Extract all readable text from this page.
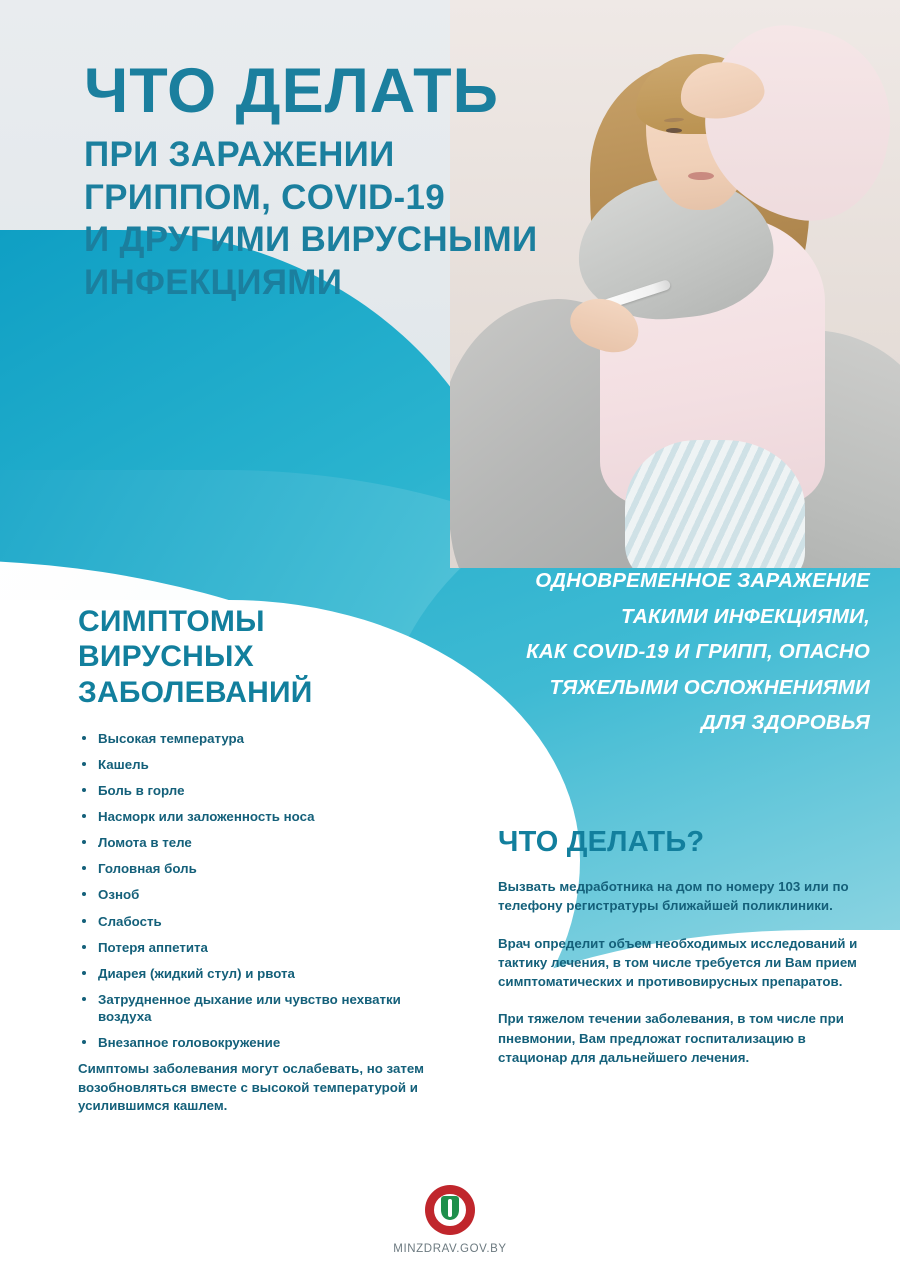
ЧТО ДЕЛАТЬ
ПРИ ЗАРАЖЕНИИ
ГРИППОМ, COVID-19
И ДРУГИМИ ВИРУСНЫМИ
ИНФЕКЦИЯМИ
ОДНОВРЕМЕННОЕ ЗАРАЖЕНИЕ
ТАКИМИ ИНФЕКЦИЯМИ,
КАК COVID-19 И ГРИПП, ОПАСНО
ТЯЖЕЛЫМИ ОСЛОЖНЕНИЯМИ
ДЛЯ ЗДОРОВЬЯ
СИМПТОМЫ ВИРУСНЫХ ЗАБОЛЕВАНИЙ
Высокая температура
Кашель
Боль в горле
Насморк или заложенность носа
Ломота в теле
Головная боль
Озноб
Слабость
Потеря аппетита
Диарея (жидкий стул) и рвота
Затрудненное дыхание или чувство нехватки воздуха
Внезапное головокружение
Симптомы заболевания могут ослабевать, но затем возобновляться вместе с высокой температурой и усилившимся кашлем.
ЧТО ДЕЛАТЬ?

Вызвать медработника на дом по номеру 103 или по телефону регистратуры ближайшей поликлиники.

Врач определит объем необходимых исследований и тактику лечения, в том числе требуется ли Вам прием симптоматических и противовирусных препаратов.

При тяжелом течении заболевания, в том числе при пневмонии, Вам предложат госпитализацию в стационар для дальнейшего лечения.

MINZDRAV.GOV.BY
